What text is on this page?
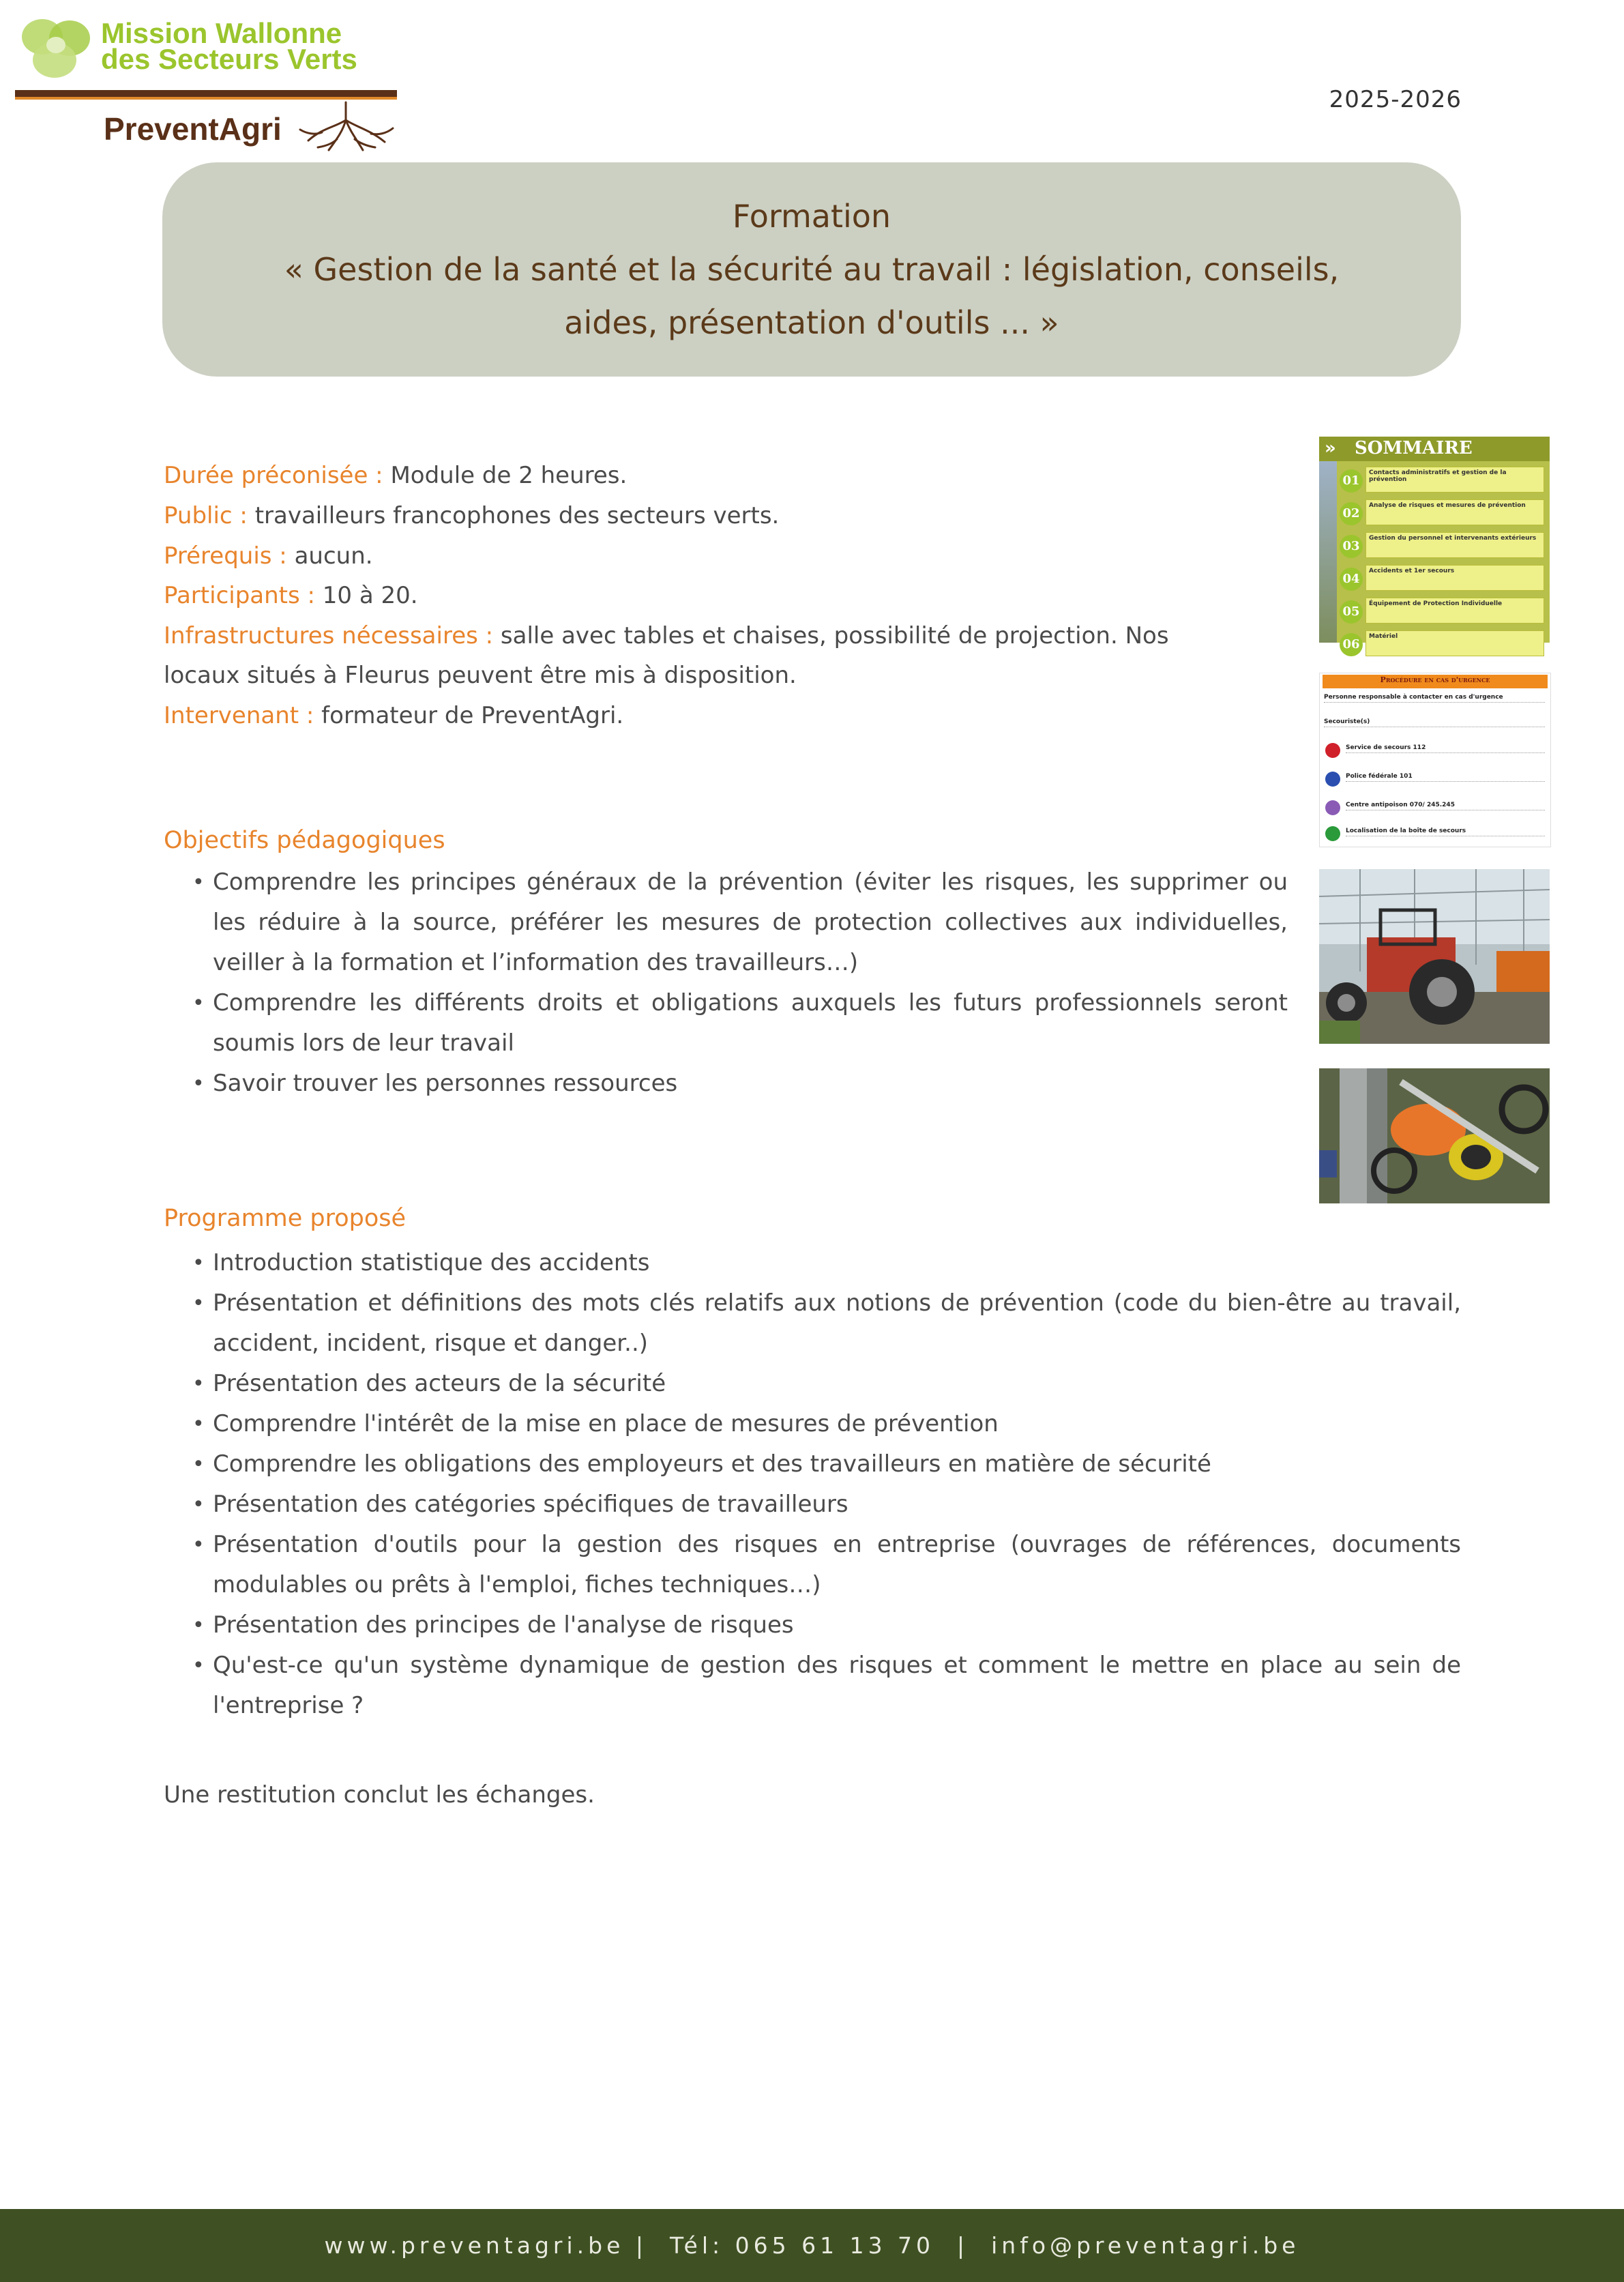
Mission Wallonne
des Secteurs Verts
PreventAgri
2025-2026
Formation
« Gestion de la santé et la sécurité au travail : législation, conseils,
aides, présentation d'outils ... »
Durée préconisée : Module de 2 heures.
Public : travailleurs francophones des secteurs verts.
Prérequis : aucun.
Participants : 10 à 20.
Infrastructures nécessaires : salle avec tables et chaises, possibilité de projection. Nos
locaux situés à Fleurus peuvent être mis à disposition.
Intervenant : formateur de PreventAgri.
Objectifs pédagogiques
• Comprendre les principes généraux de la prévention (éviter les risques, les supprimer ou les réduire à la source, préférer les mesures de protection collectives aux individuelles, veiller à la formation et l’information des travailleurs…)
• Comprendre les différents droits et obligations auxquels les futurs professionnels seront soumis lors de leur travail
• Savoir trouver les personnes ressources
Programme proposé
• Introduction statistique des accidents
• Présentation et définitions des mots clés relatifs aux notions de prévention (code du bien-être au travail, accident, incident, risque et danger..)
• Présentation des acteurs de la sécurité
• Comprendre l'intérêt de la mise en place de mesures de prévention
• Comprendre les obligations des employeurs et des travailleurs en matière de sécurité
• Présentation des catégories spécifiques de travailleurs
• Présentation d'outils pour la gestion des risques en entreprise (ouvrages de références, documents modulables ou prêts à l'emploi, fiches techniques…)
• Présentation des principes de l'analyse de risques
• Qu'est-ce qu'un système dynamique de gestion des risques et comment le mettre en place au sein de l'entreprise ?
Une restitution conclut les échanges.
SOMMAIRE
»
01
Contacts administratifs et gestion de la prévention
02
Analyse de risques et mesures de prévention
03
Gestion du personnel et intervenants extérieurs
04
Accidents et 1er secours
05
Équipement de Protection Individuelle
06
Matériel
Procédure en cas d'urgence
Personne responsable à contacter en cas d'urgence
Secouriste(s)
Service de secours 112
Police fédérale 101
Centre antipoison 070/ 245.245
Localisation de la boîte de secours
www.preventagri.be |  Tél: 065 61 13 70  |  info@preventagri.be
